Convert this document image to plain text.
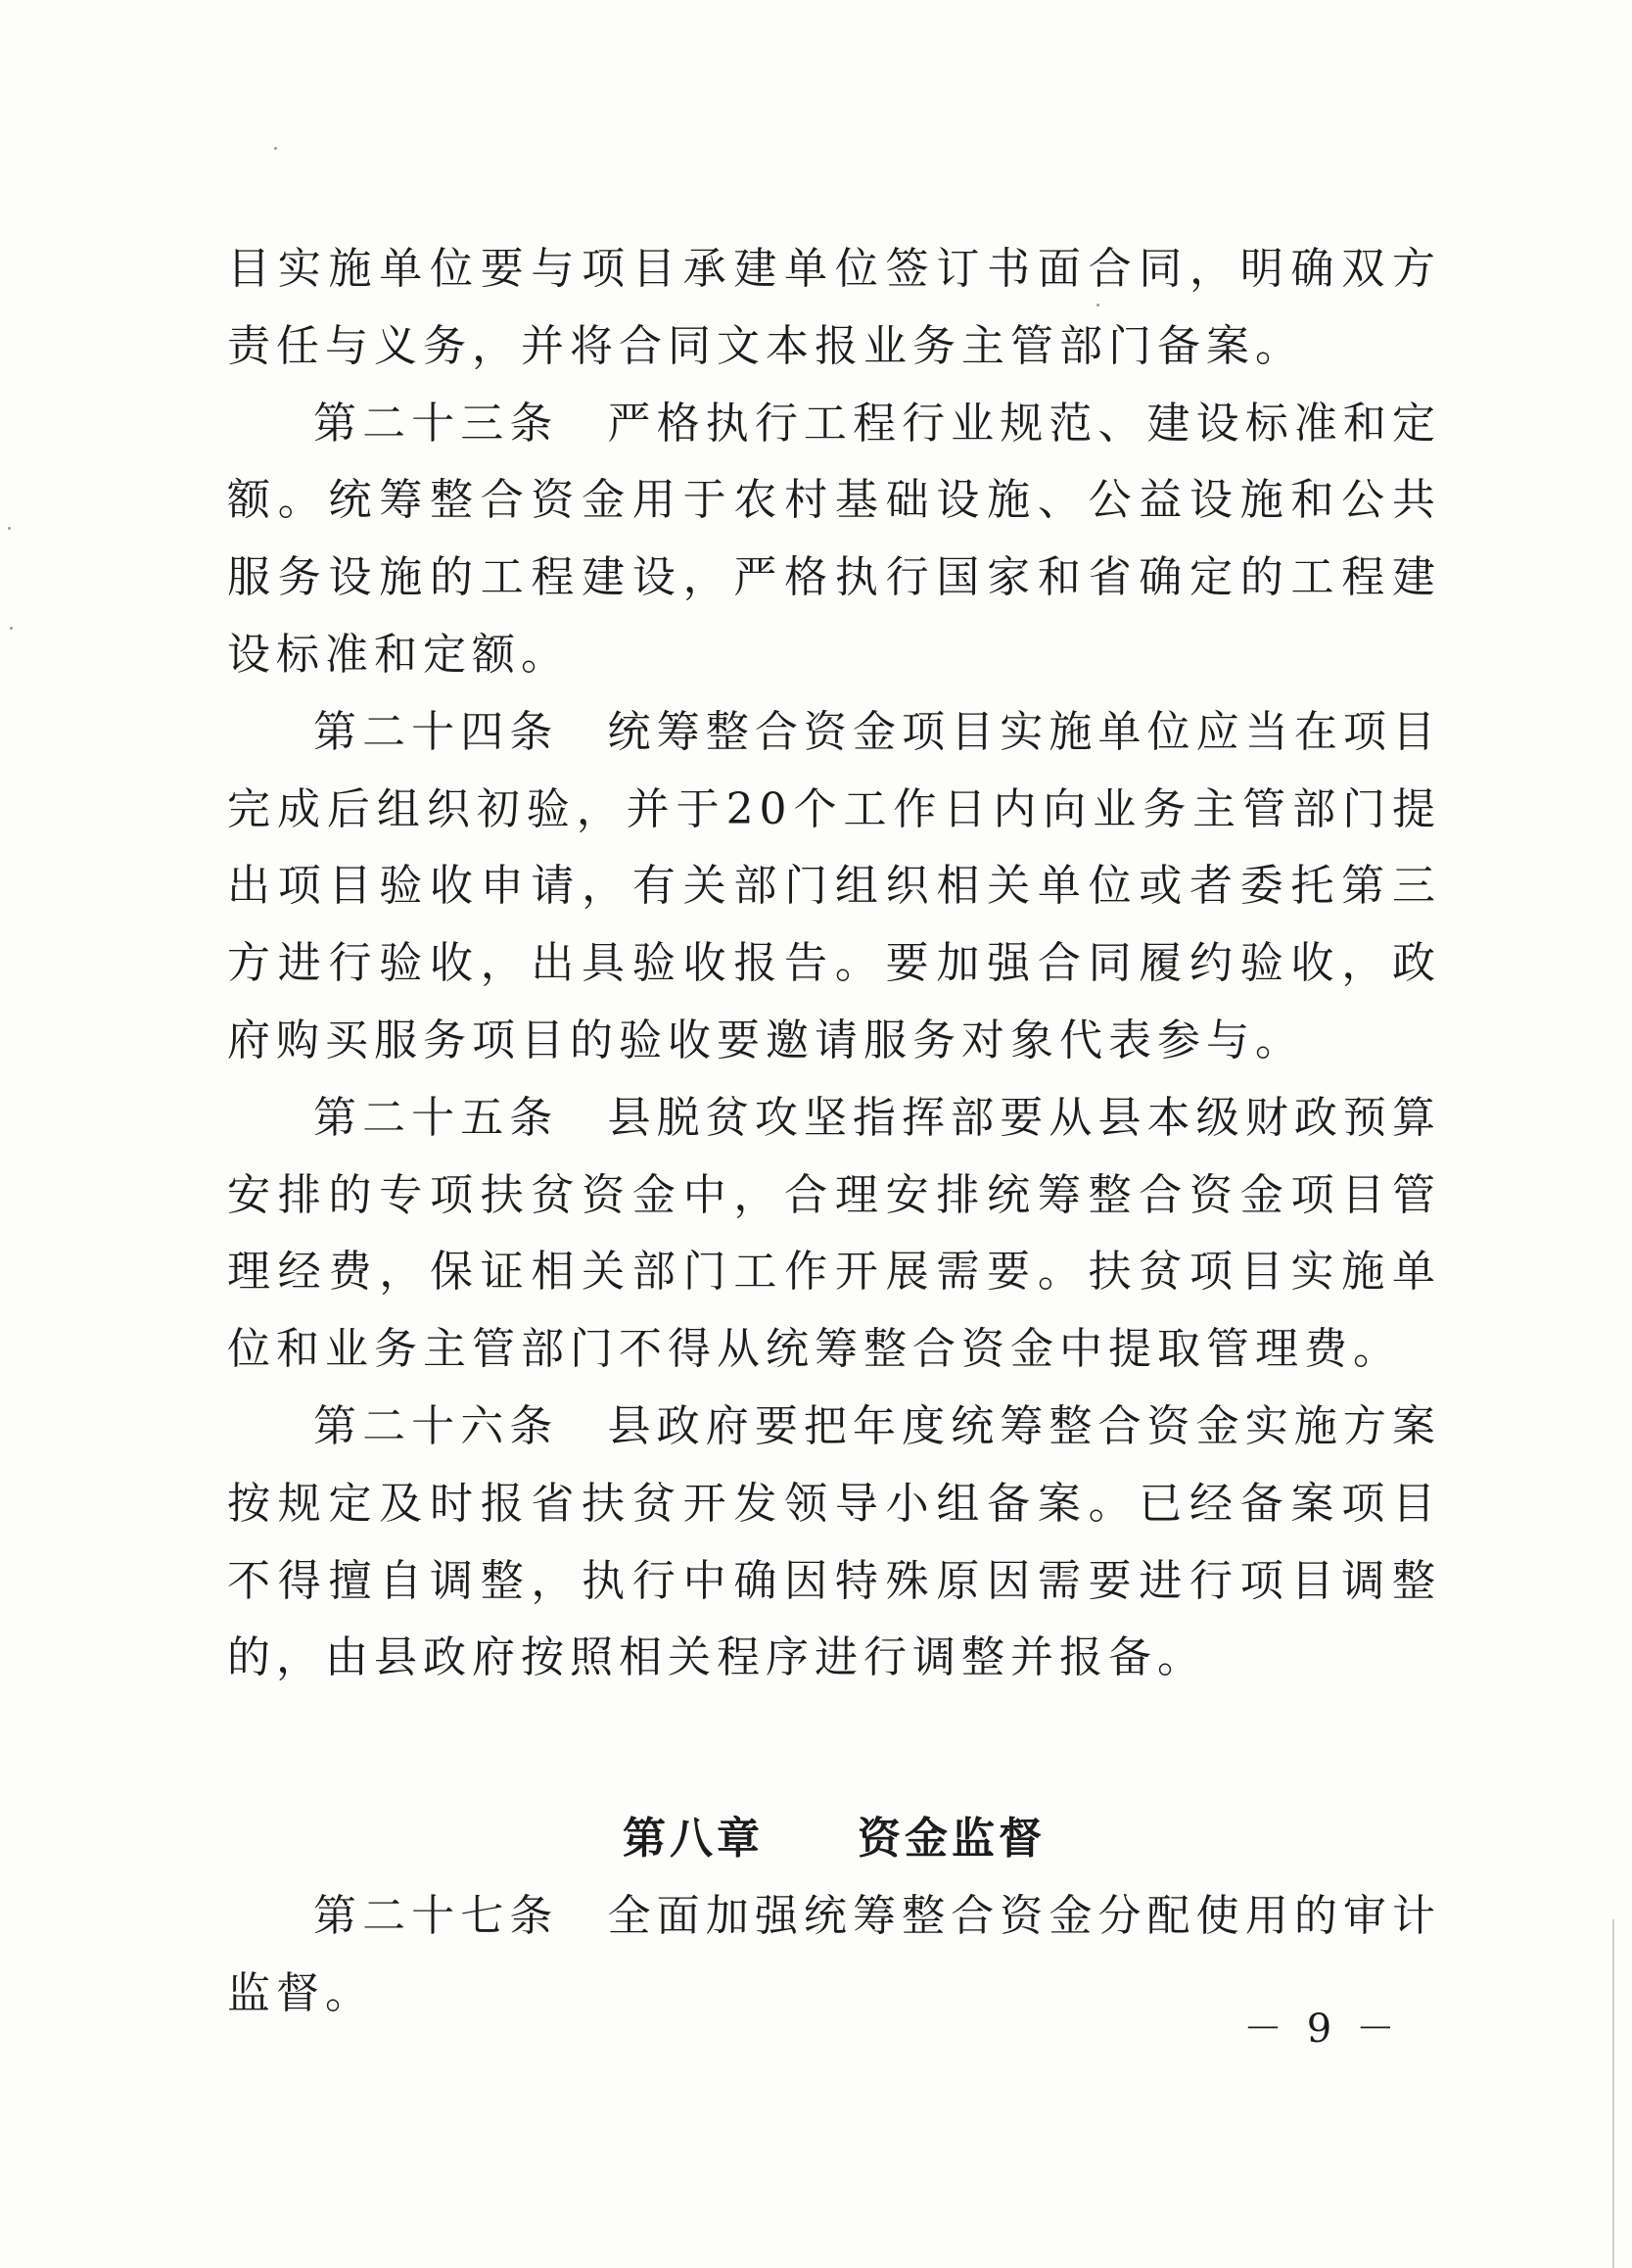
目实施单位要与项目承建单位签订书面合同，明确双方责任与义务，并将合同文本报业务主管部门备案。

第二十三条　严格执行工程行业规范、建设标准和定额。统筹整合资金用于农村基础设施、公益设施和公共服务设施的工程建设，严格执行国家和省确定的工程建设标准和定额。

第二十四条　统筹整合资金项目实施单位应当在项目完成后组织初验，并于20个工作日内向业务主管部门提出项目验收申请，有关部门组织相关单位或者委托第三方进行验收，出具验收报告。要加强合同履约验收，政府购买服务项目的验收要邀请服务对象代表参与。

第二十五条　县脱贫攻坚指挥部要从县本级财政预算安排的专项扶贫资金中，合理安排统筹整合资金项目管理经费，保证相关部门工作开展需要。扶贫项目实施单位和业务主管部门不得从统筹整合资金中提取管理费。

第二十六条　县政府要把年度统筹整合资金实施方案按规定及时报省扶贫开发领导小组备案。已经备案项目不得擅自调整，执行中确因特殊原因需要进行项目调整的，由县政府按照相关程序进行调整并报备。

第八章　　资金监督

第二十七条　全面加强统筹整合资金分配使用的审计监督。

－ 9 －
